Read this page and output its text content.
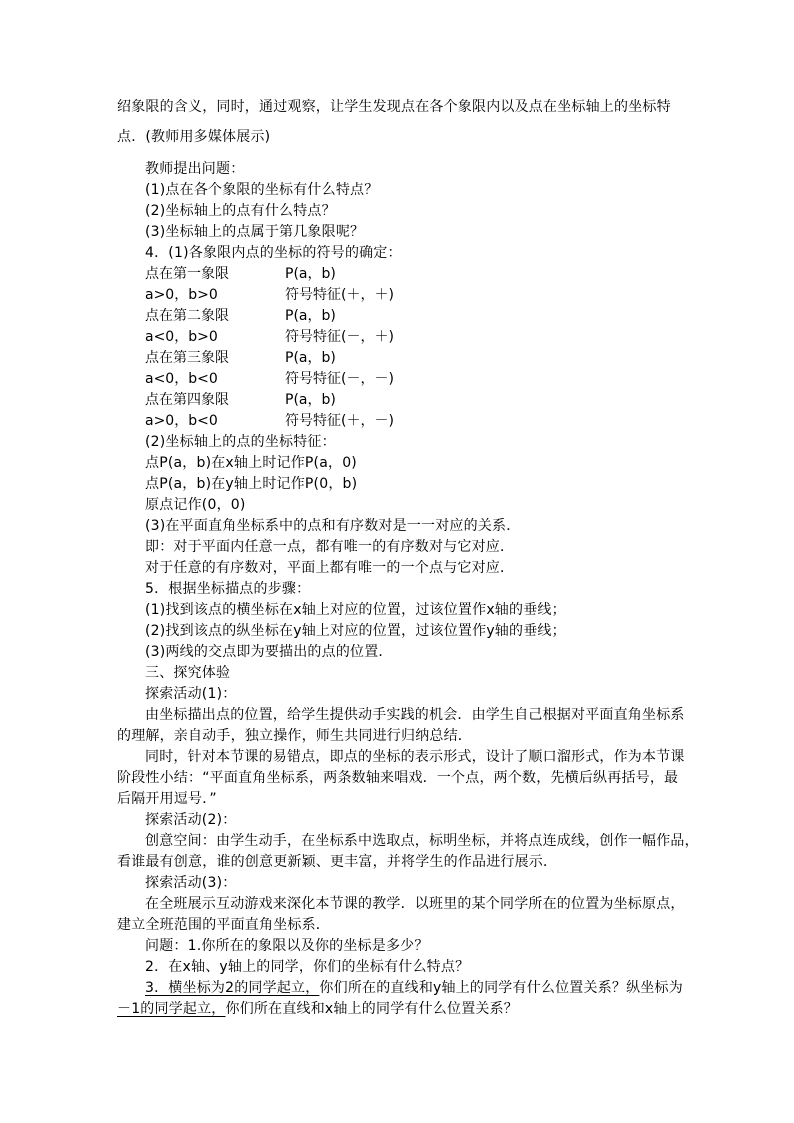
绍象限的含义，同时，通过观察，让学生发现点在各个象限内以及点在坐标轴上的坐标特
点．(教师用多媒体展示)
教师提出问题：
(1)点在各个象限的坐标有什么特点？
(2)坐标轴上的点有什么特点？
(3)坐标轴上的点属于第几象限呢？
4．(1)各象限内点的坐标的符号的确定：
点在第一象限	P(a，b)
a>0，b>0	符号特征(＋，＋)
点在第二象限	P(a，b)
a<0，b>0	符号特征(－，＋)
点在第三象限	P(a，b)
a<0，b<0	符号特征(－，－)
点在第四象限	P(a，b)
a>0，b<0	符号特征(＋，－)
(2)坐标轴上的点的坐标特征：
点P(a，b)在x轴上时记作P(a，0)
点P(a，b)在y轴上时记作P(0，b)
原点记作(0，0)
(3)在平面直角坐标系中的点和有序数对是一一对应的关系．
即：对于平面内任意一点，都有唯一的有序数对与它对应．
对于任意的有序数对，平面上都有唯一的一个点与它对应．
5．根据坐标描点的步骤：
(1)找到该点的横坐标在x轴上对应的位置，过该位置作x轴的垂线；
(2)找到该点的纵坐标在y轴上对应的位置，过该位置作y轴的垂线；
(3)两线的交点即为要描出的点的位置．
三、探究体验
探索活动(1)：
由坐标描出点的位置，给学生提供动手实践的机会．由学生自己根据对平面直角坐标系
的理解，亲自动手，独立操作，师生共同进行归纳总结．
同时，针对本节课的易错点，即点的坐标的表示形式，设计了顺口溜形式，作为本节课
阶段性小结：“平面直角坐标系，两条数轴来唱戏．一个点，两个数，先横后纵再括号，最
后隔开用逗号．”
探索活动(2)：
创意空间：由学生动手，在坐标系中选取点，标明坐标，并将点连成线，创作一幅作品，
看谁最有创意，谁的创意更新颖、更丰富，并将学生的作品进行展示．
探索活动(3)：
在全班展示互动游戏来深化本节课的教学．以班里的某个同学所在的位置为坐标原点，
建立全班范围的平面直角坐标系．
问题：1.你所在的象限以及你的坐标是多少？
2．在x轴、y轴上的同学，你们的坐标有什么特点？
3．横坐标为2的同学起立，你们所在的直线和y轴上的同学有什么位置关系？纵坐标为
－1的同学起立，你们所在直线和x轴上的同学有什么位置关系？
